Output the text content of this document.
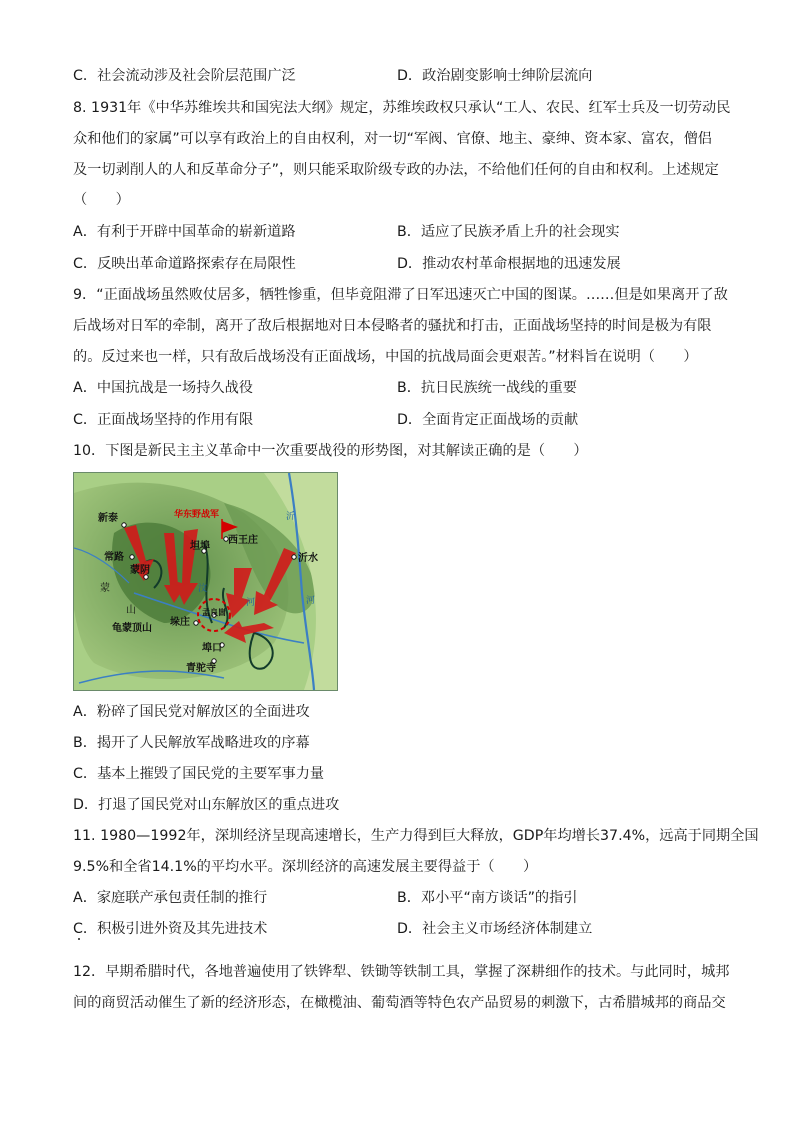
C．社会流动涉及社会阶层范围广泛	D．政治剧变影响士绅阶层流向
8. 1931年《中华苏维埃共和国宪法大纲》规定，苏维埃政权只承认“工人、农民、红军士兵及一切劳动民
众和他们的家属”可以享有政治上的自由权利，对一切“军阀、官僚、地主、豪绅、资本家、富农，僧侣
及一切剥削人的人和反革命分子”，则只能采取阶级专政的办法，不给他们任何的自由和权利。上述规定
（　　）
A．有利于开辟中国革命的崭新道路	B．适应了民族矛盾上升的社会现实
C．反映出革命道路探索存在局限性	D．推动农村革命根据地的迅速发展
9．“正面战场虽然败仗居多，牺牲惨重，但毕竟阻滞了日军迅速灭亡中国的图谋。……但是如果离开了敌
后战场对日军的牵制，离开了敌后根据地对日本侵略者的骚扰和打击，正面战场坚持的时间是极为有限
的。反过来也一样，只有敌后战场没有正面战场，中国的抗战局面会更艰苦。”材料旨在说明（　　）
A．中国抗战是一场持久战役	B．抗日民族统一战线的重要
C．正面战场坚持的作用有限	D．全面肯定正面战场的贡献
10．下图是新民主主义革命中一次重要战役的形势图，对其解读正确的是（　　）
华东野战军
新泰
常路
蒙阴
坦埠
西王庄
沂水
孟良崮
垛庄
龟蒙顶山
埠口
青驼寺
沂
河
汶
河
蒙
山
A．粉碎了国民党对解放区的全面进攻
B．揭开了人民解放军战略进攻的序幕
C．基本上摧毁了国民党的主要军事力量
D．打退了国民党对山东解放区的重点进攻
11. 1980—1992年，深圳经济呈现高速增长，生产力得到巨大释放，GDP年均增长37.4%，远高于同期全国
9.5%和全省14.1%的平均水平。深圳经济的高速发展主要得益于（　　）
A．家庭联产承包责任制的推行	B．邓小平“南方谈话”的指引
C．积极引进外资及其先进技术	D．社会主义市场经济体制建立
12．早期希腊时代，各地普遍使用了铁铧犁、铁锄等铁制工具，掌握了深耕细作的技术。与此同时，城邦
间的商贸活动催生了新的经济形态，在橄榄油、葡萄酒等特色农产品贸易的刺激下，古希腊城邦的商品交
